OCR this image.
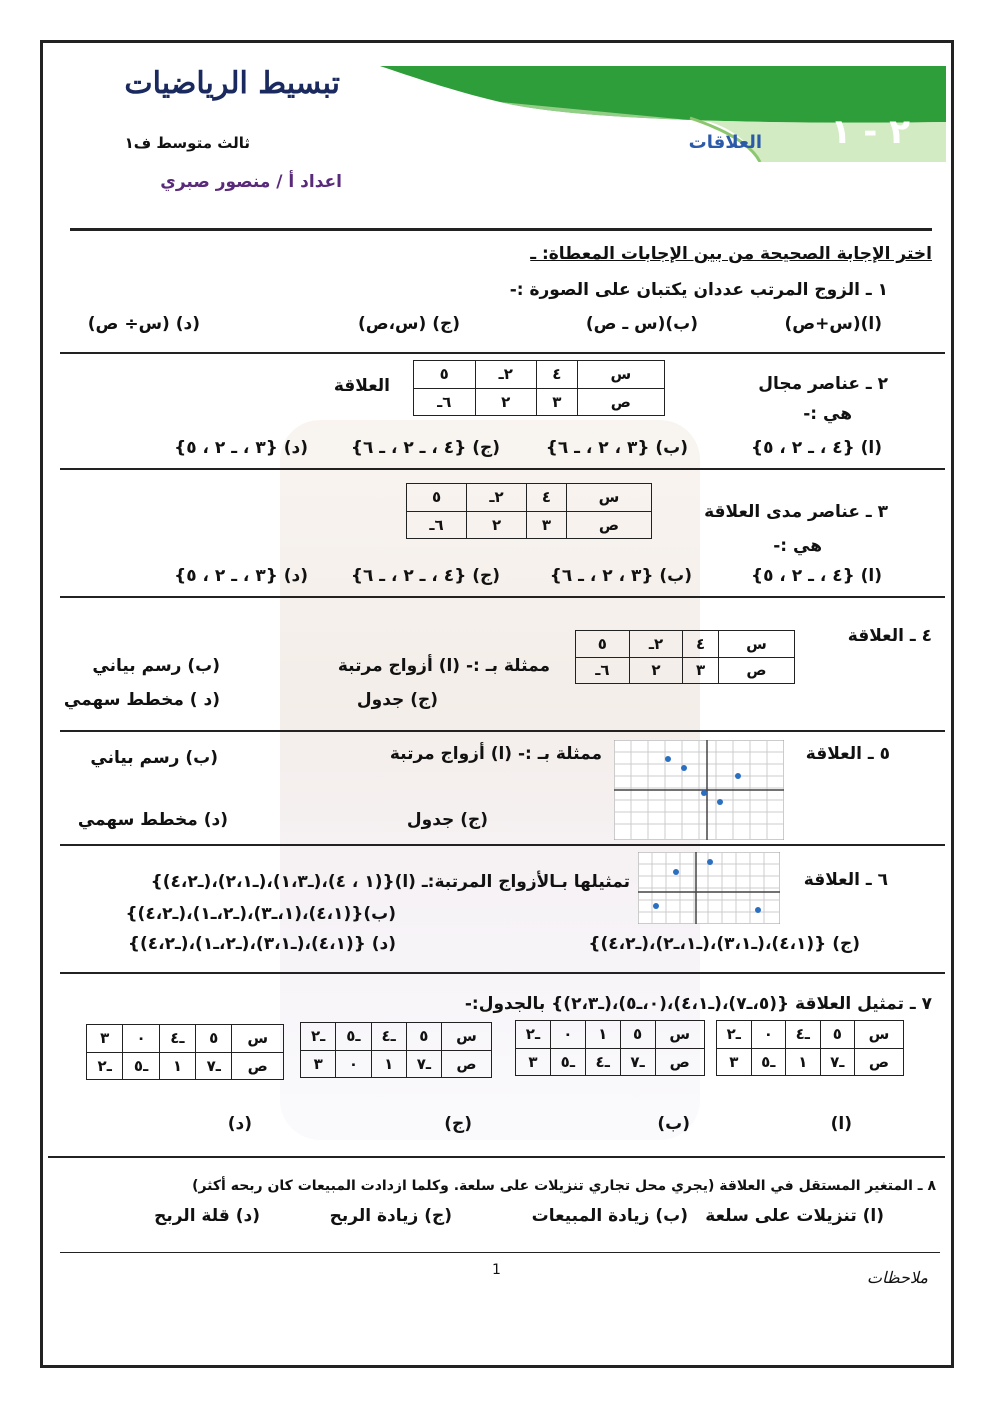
تبسيط الرياضيات
ثالث متوسط ف١
اعداد أ / منصور صبري
٢ - ١
العلاقات
اختر الإجابة الصحيحة من بين الإجابات المعطاة: ـ
١ ـ الزوج المرتب عددان يكتبان على الصورة :-
(ا)(س+ص)
(ب)(س ـ ص)
(ج) (س،ص)
(د) (س÷ ص)
٢ ـ عناصر مجال
هي :-
س	٤	٢ـ	٥
ص	٣	٢	٦ـ
العلاقة
(ا) {٤ ، ـ ٢ ، ٥}
(ب) {٣ ، ٢ ، ـ ٦}
(ج) {٤ ، ـ ٢ ، ـ ٦}
(د) {٣ ، ـ ٢ ، ٥}
٣ ـ عناصر مدى العلاقة
هي :-
س	٤	٢ـ	٥
ص	٣	٢	٦ـ
(ا) {٤ ، ـ ٢ ، ٥}
(ب) {٣ ، ٢ ، ـ ٦}
(ج) {٤ ، ـ ٢ ، ـ ٦}
(د) {٣ ، ـ ٢ ، ٥}
٤ ـ العلاقة
س	٤	٢ـ	٥
ص	٣	٢	٦ـ
ممثلة بـ :- (ا) أزواج مرتبة
(ب) رسم بياني
(ج) جدول
(د ) مخطط سهمي
٥ ـ العلاقة
ممثلة بـ :- (ا) أزواج مرتبة
(ب) رسم بياني
(ج) جدول
(د) مخطط سهمي
٦ ـ العلاقة
تمثيلها بـالأزواج المرتبة:ـ (ا){(١ ، ٤)،(ـ١،٣)،(ـ٢،١)،(ـ٤،٢)}
(ب){(٤،١)،(١،ـ٣)،(ـ٢،ـ١)،(ـ٤،٢)}
(د) {(٤،١)،(ـ٣،١)،(ـ٢،ـ١)،(ـ٤،٢)}	(ج) {(٤،١)،(ـ٣،١)،(ـ١،ـ٢)،(ـ٤،٢)}
٧ ـ تمثيل العلاقة {(٥،ـ٧)،(ـ٤،١)،(٠،ـ٥)،(ـ٢،٣)} بالجدول:-
س	٥	ـ٤	٠	ـ٢
ص	ـ٧	١	ـ٥	٣
س	٥	١	٠	ـ٢
ص	ـ٧	ـ٤	ـ٥	٣
س	٥	ـ٤	ـ٥	ـ٢
ص	ـ٧	١	٠	٣
س	٥	ـ٤	٠	٣
ص	ـ٧	١	ـ٥	ـ٢
(ا)
(ب)
(ج)
(د)
٨ ـ المتغير المستقل في العلاقة (يجري محل تجاري تنزيلات على سلعة. وكلما ازدادت المبيعات كان ربحه أكثر)
(ا) تنزيلات على سلعة
(ب) زيادة المبيعات
(ج) زيادة الربح
(د) قلة الربح
1	ملاحظات
